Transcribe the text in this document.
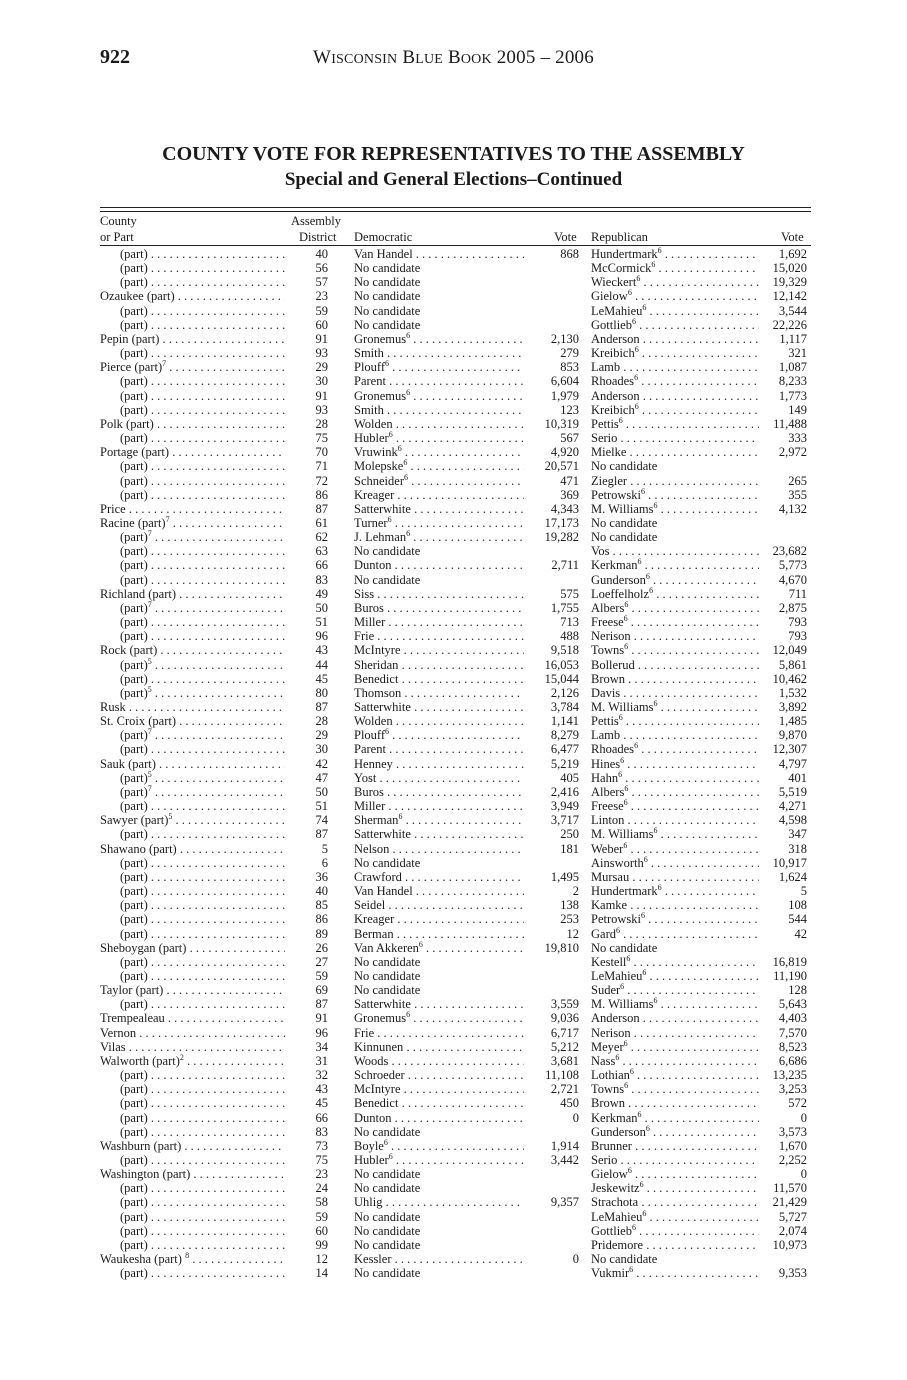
922	WISCONSIN BLUE BOOK 2005 – 2006
COUNTY VOTE FOR REPRESENTATIVES TO THE ASSEMBLY
Special and General Elections–Continued
County
or Part
Assembly
District Democratic	Vote Republican	Vote
(part) . . .	40 Van Handel . . .	868 Hundertmark$^6$ . . .	1,692
(part) . . .	56 No candidate	McCormick$^6$ . . .	15,020
(part) . . .	57 No candidate	Wieckert$^6$ . . .	19,329
Ozaukee (part) . . .	23 No candidate	Gielow$^6$ . . .	12,142
(part) . . .	59 No candidate	LeMahieu$^6$ . . .	3,544
(part) . . .	60 No candidate	Gottlieb$^6$ . . .	22,226
Pepin (part) . . .	91 Gronemus$^6$ . . .	2,130 Anderson . . .	1,117
(part) . . .	93 Smith . . .	279 Kreibich$^6$ . . .	321
Pierce (part)$^7$ . . .	29 Plouff$^6$ . . .	853 Lamb . . .	1,087
(part) . . .	30 Parent . . .	6,604 Rhoades$^6$ . . .	8,233
(part) . . .	91 Gronemus$^6$ . . .	1,979 Anderson . . .	1,773
(part) . . .	93 Smith . . .	123 Kreibich$^6$ . . .	149
Polk (part) . . .	28 Wolden . . .	10,319 Pettis$^6$ . . .	11,488
(part) . . .	75 Hubler$^6$ . . .	567 Serio . . .	333
Portage (part) . . .	70 Vruwink$^6$ . . .	4,920 Mielke . . .	2,972
(part) . . .	71 Molepske$^6$ . . .	20,571 No candidate
(part) . . .	72 Schneider$^6$ . . .	471 Ziegler . . .	265
(part) . . .	86 Kreager . . .	369 Petrowski$^6$ . . .	355
Price . . .	87 Satterwhite . . .	4,343 M. Williams$^6$ . . .	4,132
Racine (part)$^7$ . . .	61 Turner$^6$ . . .	17,173 No candidate
(part)$^7$ . . .	62 J. Lehman$^6$ . . .	19,282 No candidate
(part) . . .	63 No candidate	Vos . . .	23,682
(part) . . .	66 Dunton . . .	2,711 Kerkman$^6$ . . .	5,773
(part) . . .	83 No candidate	Gunderson$^6$ . . .	4,670
Richland (part) . . .	49 Siss . . .	575 Loeffelholz$^6$ . . .	711
(part)$^7$ . . .	50 Buros . . .	1,755 Albers$^6$ . . .	2,875
(part) . . .	51 Miller . . .	713 Freese$^6$ . . .	793
(part) . . .	96 Frie . . .	488 Nerison . . .	793
Rock (part) . . .	43 McIntyre . . .	9,518 Towns$^6$ . . .	12,049
(part)$^5$ . . .	44 Sheridan . . .	16,053 Bollerud . . .	5,861
(part) . . .	45 Benedict . . .	15,044 Brown . . .	10,462
(part)$^5$ . . .	80 Thomson . . .	2,126 Davis . . .	1,532
Rusk . . .	87 Satterwhite . . .	3,784 M. Williams$^6$ . . .	3,892
St. Croix (part) . . .	28 Wolden . . .	1,141 Pettis$^6$ . . .	1,485
(part)$^7$ . . .	29 Plouff$^6$ . . .	8,279 Lamb . . .	9,870
(part) . . .	30 Parent . . .	6,477 Rhoades$^6$ . . .	12,307
Sauk (part) . . .	42 Henney . . .	5,219 Hines$^6$ . . .	4,797
(part)$^5$ . . .	47 Yost . . .	405 Hahn$^6$ . . .	401
(part)$^7$ . . .	50 Buros . . .	2,416 Albers$^6$ . . .	5,519
(part) . . .	51 Miller . . .	3,949 Freese$^6$ . . .	4,271
Sawyer (part)$^5$ . . .	74 Sherman$^6$ . . .	3,717 Linton . . .	4,598
(part) . . .	87 Satterwhite . . .	250 M. Williams$^6$ . . .	347
Shawano (part) . . .	5 Nelson . . .	181 Weber$^6$ . . .	318
(part) . . .	6 No candidate	Ainsworth$^6$ . . .	10,917
(part) . . .	36 Crawford . . .	1,495 Mursau . . .	1,624
(part) . . .	40 Van Handel . . .	2 Hundertmark$^6$ . . .	5
(part) . . .	85 Seidel . . .	138 Kamke . . .	108
(part) . . .	86 Kreager . . .	253 Petrowski$^6$ . . .	544
(part) . . .	89 Berman . . .	12 Gard$^6$ . . .	42
Sheboygan (part) . . .	26 Van Akkeren$^6$ . . .	19,810 No candidate
(part) . . .	27 No candidate	Kestell$^6$ . . .	16,819
(part) . . .	59 No candidate	LeMahieu$^6$ . . .	11,190
Taylor (part) . . .	69 No candidate	Suder$^6$ . . .	128
(part) . . .	87 Satterwhite . . .	3,559 M. Williams$^6$ . . .	5,643
Trempealeau . . .	91 Gronemus$^6$ . . .	9,036 Anderson . . .	4,403
Vernon . . .	96 Frie . . .	6,717 Nerison . . .	7,570
Vilas . . .	34 Kinnunen . . .	5,212 Meyer$^6$ . . .	8,523
Walworth (part)$^2$ . . .	31 Woods . . .	3,681 Nass$^6$ . . .	6,686
(part) . . .	32 Schroeder . . .	11,108 Lothian$^6$ . . .	13,235
(part) . . .	43 McIntyre . . .	2,721 Towns$^6$ . . .	3,253
(part) . . .	45 Benedict . . .	450 Brown . . .	572
(part) . . .	66 Dunton . . .	0 Kerkman$^6$ . . .	0
(part) . . .	83 No candidate	Gunderson$^6$ . . .	3,573
Washburn (part) . . .	73 Boyle$^6$ . . .	1,914 Brunner . . .	1,670
(part) . . .	75 Hubler$^6$ . . .	3,442 Serio . . .	2,252
Washington (part) . . .	23 No candidate	Gielow$^6$ . . .	0
(part) . . .	24 No candidate	Jeskewitz$^6$ . . .	11,570
(part) . . .	58 Uhlig . . .	9,357 Strachota . . .	21,429
(part) . . .	59 No candidate	LeMahieu$^6$ . . .	5,727
(part) . . .	60 No candidate	Gottlieb$^6$ . . .	2,074
(part) . . .	99 No candidate	Pridemore . . .	10,973
Waukesha (part) $^8$ . . .	12 Kessler . . .	0 No candidate
(part) . . .	14 No candidate	Vukmir$^6$ . . .	9,353
